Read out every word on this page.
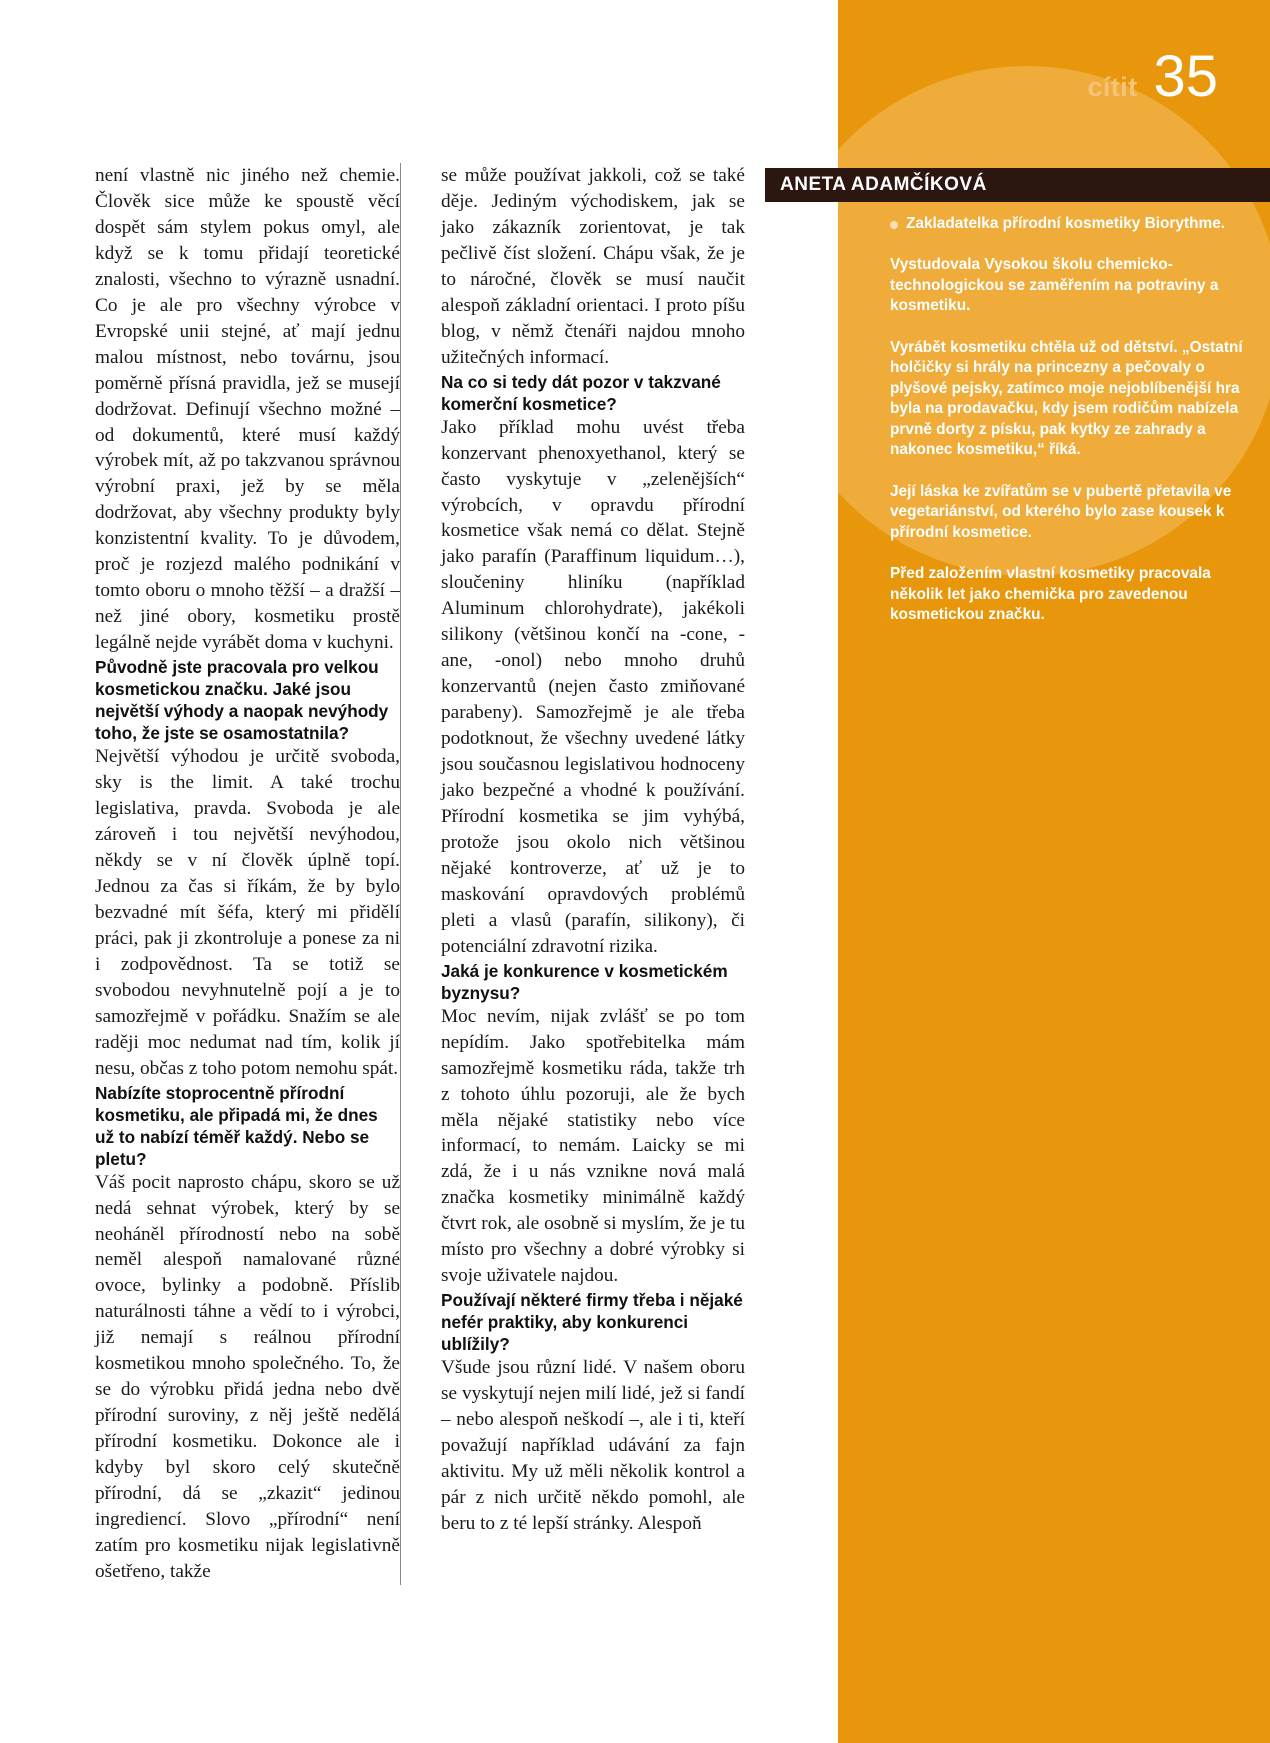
cítit 35
ANETA ADAMČÍKOVÁ

Zakladatelka přírodní kosmetiky Biorythme.

Vystudovala Vysokou školu chemicko-technologickou se zaměřením na potraviny a kosmetiku.

Vyrábět kosmetiku chtěla už od dětství. „Ostatní holčičky si hrály na princezny a pečovaly o plyšové pejsky, zatímco moje nejoblíbenější hra byla na prodavačku, kdy jsem rodičům nabízela prvně dorty z písku, pak kytky ze zahrady a nakonec kosmetiku,“ říká.

Její láska ke zvířatům se v pubertě přetavila ve vegetariánství, od kterého bylo zase kousek k přírodní kosmetice.

Před založením vlastní kosmetiky pracovala několik let jako chemička pro zavedenou kosmetickou značku.

není vlastně nic jiného než chemie. Člověk sice může ke spoustě věcí dospět sám stylem pokus omyl, ale když se k tomu přidají teoretické znalosti, všechno to výrazně usnadní. Co je ale pro všechny výrobce v Evropské unii stejné, ať mají jednu malou místnost, nebo továrnu, jsou poměrně přísná pravidla, jež se musejí dodržovat. Definují všechno možné – od dokumentů, které musí každý výrobek mít, až po takzvanou správnou výrobní praxi, jež by se měla dodržovat, aby všechny produkty byly konzistentní kvality. To je důvodem, proč je rozjezd malého podnikání v tomto oboru o mnoho těžší – a dražší – než jiné obory, kosmetiku prostě legálně nejde vyrábět doma v kuchyni.

Původně jste pracovala pro velkou kosmetickou značku. Jaké jsou největší výhody a naopak nevýhody toho, že jste se osamostatnila?

Největší výhodou je určitě svoboda, sky is the limit. A také trochu legislativa, pravda. Svoboda je ale zároveň i tou největší nevýhodou, někdy se v ní člověk úplně topí. Jednou za čas si říkám, že by bylo bezvadné mít šéfa, který mi přidělí práci, pak ji zkontroluje a ponese za ni i zodpovědnost. Ta se totiž se svobodou nevyhnutelně pojí a je to samozřejmě v pořádku. Snažím se ale raději moc nedumat nad tím, kolik jí nesu, občas z toho potom nemohu spát.

Nabízíte stoprocentně přírodní kosmetiku, ale připadá mi, že dnes už to nabízí téměř každý. Nebo se pletu?

Váš pocit naprosto chápu, skoro se už nedá sehnat výrobek, který by se neoháněl přírodností nebo na sobě neměl alespoň namalované různé ovoce, bylinky a podobně. Příslib naturálnosti táhne a vědí to i výrobci, již nemají s reálnou přírodní kosmetikou mnoho společného. To, že se do výrobku přidá jedna nebo dvě přírodní suroviny, z něj ještě nedělá přírodní kosmetiku. Dokonce ale i kdyby byl skoro celý skutečně přírodní, dá se „zkazit“ jedinou ingrediencí. Slovo „přírodní“ není zatím pro kosmetiku nijak legislativně ošetřeno, takže

se může používat jakkoli, což se také děje. Jediným východiskem, jak se jako zákazník zorientovat, je tak pečlivě číst složení. Chápu však, že je to náročné, člověk se musí naučit alespoň základní orientaci. I proto píšu blog, v němž čtenáři najdou mnoho užitečných informací.

Na co si tedy dát pozor v takzvané komerční kosmetice?

Jako příklad mohu uvést třeba konzervant phenoxyethanol, který se často vyskytuje v „zelenějších“ výrobcích, v opravdu přírodní kosmetice však nemá co dělat. Stejně jako parafín (Paraffinum liquidum…), sloučeniny hliníku (například Aluminum chlorohydrate), jakékoli silikony (většinou končí na -cone, -ane, -onol) nebo mnoho druhů konzervantů (nejen často zmiňované parabeny). Samozřejmě je ale třeba podotknout, že všechny uvedené látky jsou současnou legislativou hodnoceny jako bezpečné a vhodné k používání. Přírodní kosmetika se jim vyhýbá, protože jsou okolo nich většinou nějaké kontroverze, ať už je to maskování opravdových problémů pleti a vlasů (parafín, silikony), či potenciální zdravotní rizika.

Jaká je konkurence v kosmetickém byznysu?

Moc nevím, nijak zvlášť se po tom nepídím. Jako spotřebitelka mám samozřejmě kosmetiku ráda, takže trh z tohoto úhlu pozoruji, ale že bych měla nějaké statistiky nebo více informací, to nemám. Laicky se mi zdá, že i u nás vznikne nová malá značka kosmetiky minimálně každý čtvrt rok, ale osobně si myslím, že je tu místo pro všechny a dobré výrobky si svoje uživatele najdou.

Používají některé firmy třeba i nějaké nefér praktiky, aby konkurenci ublížily?

Všude jsou různí lidé. V našem oboru se vyskytují nejen milí lidé, jež si fandí – nebo alespoň neškodí –, ale i ti, kteří považují například udávání za fajn aktivitu. My už měli několik kontrol a pár z nich určitě někdo pomohl, ale beru to z té lepší stránky. Alespoň
